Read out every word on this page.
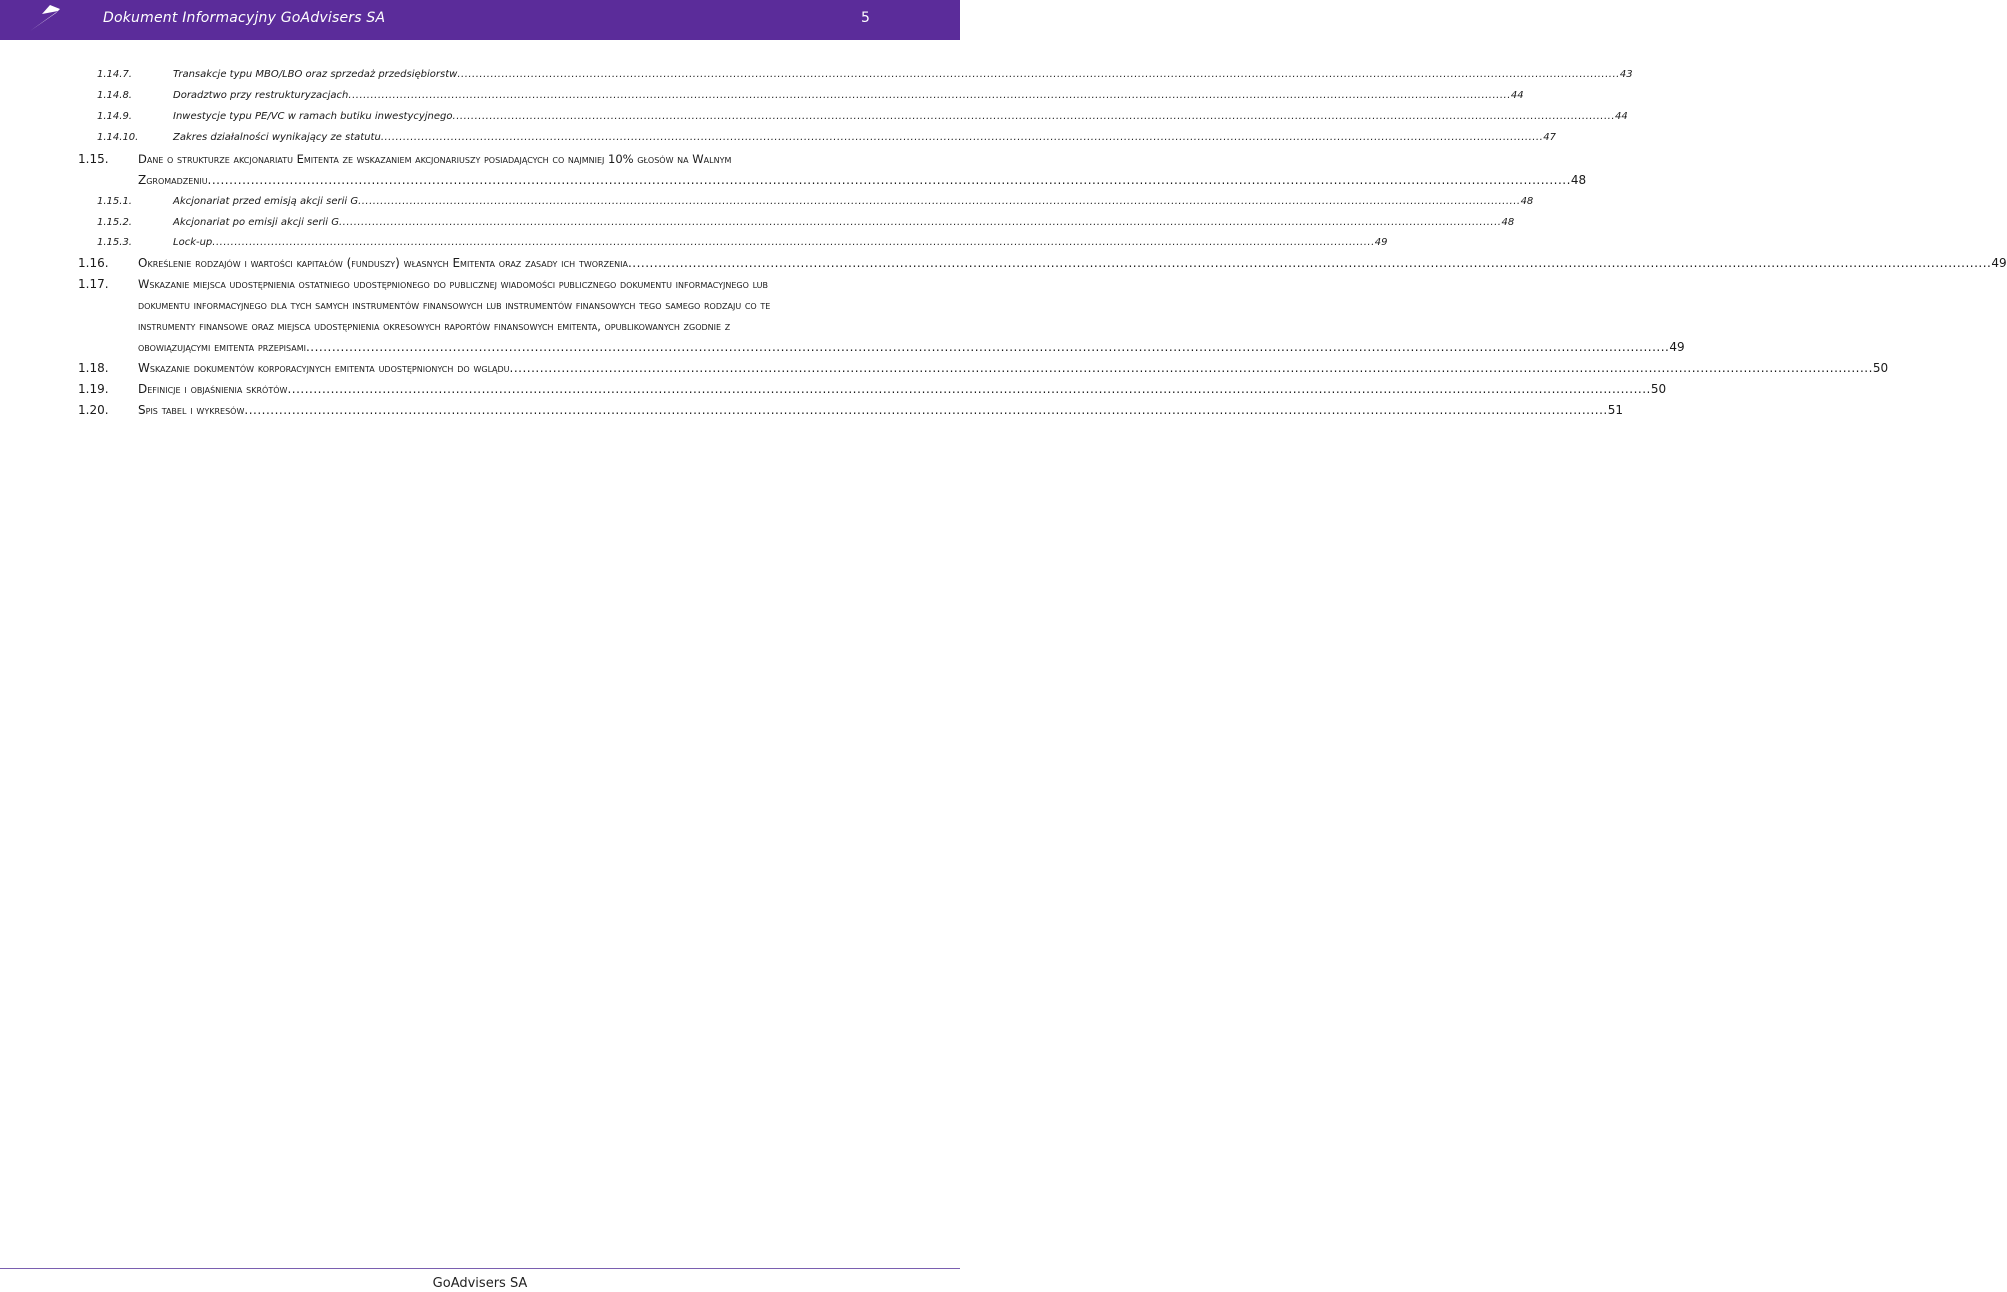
Dokument Informacyjny GoAdvisers SA	5
1.14.7.	Transakcje typu MBO/LBO oraz sprzedaż przedsiębiorstw ............................................................................................................................................................................................................................................................................................................................ 43
1.14.8.	Doradztwo przy restrukturyzacjach ............................................................................................................................................................................................................................................................................................................................ 44
1.14.9.	Inwestycje typu PE/VC w ramach butiku inwestycyjnego ............................................................................................................................................................................................................................................................................................................................ 44
1.14.10.	Zakres działalności wynikający ze statutu ............................................................................................................................................................................................................................................................................................................................ 47
1.15.	Dane o strukturze akcjonariatu Emitenta ze wskazaniem akcjonariuszy posiadających co najmniej 10% głosów na Walnym
Zgromadzeniu ............................................................................................................................................................................................................................................................................................................................ 48
1.15.1.	Akcjonariat przed emisją akcji serii G ............................................................................................................................................................................................................................................................................................................................ 48
1.15.2.	Akcjonariat po emisji akcji serii G ............................................................................................................................................................................................................................................................................................................................ 48
1.15.3.	Lock-up ............................................................................................................................................................................................................................................................................................................................ 49
1.16. Określenie rodzajów i wartości kapitałów (funduszy) własnych Emitenta oraz zasady ich tworzenia ............................................................................................................................................................................................................................................................................................................................ 49
1.17.	Wskazanie miejsca udostępnienia ostatniego udostępnionego do publicznej wiadomości publicznego dokumentu informacyjnego lub
dokumentu informacyjnego dla tych samych instrumentów finansowych lub instrumentów finansowych tego samego rodzaju co te
instrumenty finansowe oraz miejsca udostępnienia okresowych raportów finansowych emitenta, opublikowanych zgodnie z
obowiązującymi emitenta przepisami ............................................................................................................................................................................................................................................................................................................................ 49
1.18. Wskazanie dokumentów korporacyjnych emitenta udostępnionych do wglądu ............................................................................................................................................................................................................................................................................................................................ 50
1.19. Definicje i objaśnienia skrótów ............................................................................................................................................................................................................................................................................................................................ 50
1.20. Spis tabel i wykresów ............................................................................................................................................................................................................................................................................................................................ 51
GoAdvisers SA
